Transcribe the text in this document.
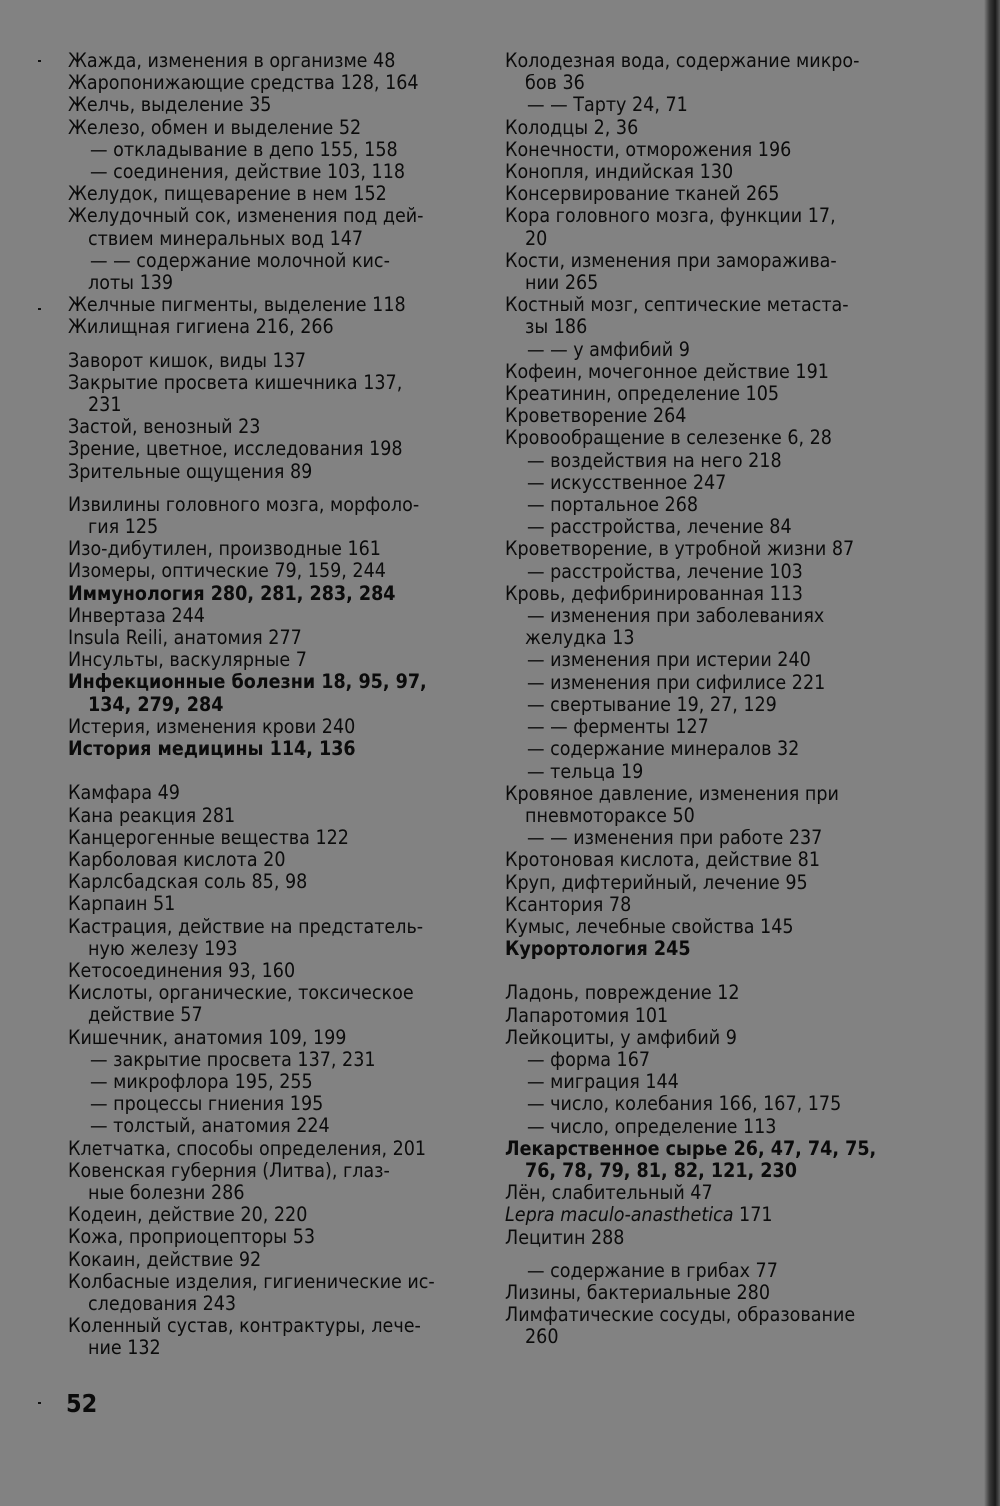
Жажда, изменения в организме 48
Жаропонижающие средства 128, 164
Желчь, выделение 35
Железо, обмен и выделение 52
— откладывание в депо 155, 158
— соединения, действие 103, 118
Желудок, пищеварение в нем 152
Желудочный сок, изменения под дей-
ствием минеральных вод 147
— — содержание молочной кис-
лоты 139
Желчные пигменты, выделение 118
Жилищная гигиена 216, 266
Заворот кишок, виды 137
Закрытие просвета кишечника 137,
231
Застой, венозный 23
Зрение, цветное, исследования 198
Зрительные ощущения 89
Извилины головного мозга, морфоло-
гия 125
Изо-дибутилен, производные 161
Изомеры, оптические 79, 159, 244
Иммунология 280, 281, 283, 284
Инвертаза 244
Insula Reili, анатомия 277
Инсульты, васкулярные 7
Инфекционные болезни 18, 95, 97,
134, 279, 284
Истерия, изменения крови 240
История медицины 114, 136
Камфара 49
Кана реакция 281
Канцерогенные вещества 122
Карболовая кислота 20
Карлсбадская соль 85, 98
Карпаин 51
Кастрация, действие на предстатель-
ную железу 193
Кетосоединения 93, 160
Кислоты, органические, токсическое
действие 57
Кишечник, анатомия 109, 199
— закрытие просвета 137, 231
— микрофлора 195, 255
— процессы гниения 195
— толстый, анатомия 224
Клетчатка, способы определения, 201
Ковенская губерния (Литва), глаз-
ные болезни 286
Кодеин, действие 20, 220
Кожа, проприоцепторы 53
Кокаин, действие 92
Колбасные изделия, гигиенические ис-
следования 243
Коленный сустав, контрактуры, лече-
ние 132
Колодезная вода, содержание микро-
бов 36
— — Тарту 24, 71
Колодцы 2, 36
Конечности, отморожения 196
Конопля, индийская 130
Консервирование тканей 265
Кора головного мозга, функции 17,
20
Кости, изменения при заморажива-
нии 265
Костный мозг, септические метаста-
зы 186
— — у амфибий 9
Кофеин, мочегонное действие 191
Креатинин, определение 105
Кроветворение 264
Кровообращение в селезенке 6, 28
— воздействия на него 218
— искусственное 247
— портальное 268
— расстройства, лечение 84
Кроветворение, в утробной жизни 87
— расстройства, лечение 103
Кровь, дефибринированная 113
— изменения при заболеваниях
желудка 13
— изменения при истерии 240
— изменения при сифилисе 221
— свертывание 19, 27, 129
— — ферменты 127
— содержание минералов 32
— тельца 19
Кровяное давление, изменения при
пневмотораксе 50
— — изменения при работе 237
Кротоновая кислота, действие 81
Круп, дифтерийный, лечение 95
Ксантория 78
Кумыс, лечебные свойства 145
Курортология 245
Ладонь, повреждение 12
Лапаротомия 101
Лейкоциты, у амфибий 9
— форма 167
— миграция 144
— число, колебания 166, 167, 175
— число, определение 113
Лекарственное сырье 26, 47, 74, 75,
76, 78, 79, 81, 82, 121, 230
Лён, слабительный 47
Lepra maculo-anasthetica 171
Лецитин 288
— содержание в грибах 77
Лизины, бактериальные 280
Лимфатические сосуды, образование
260
52
